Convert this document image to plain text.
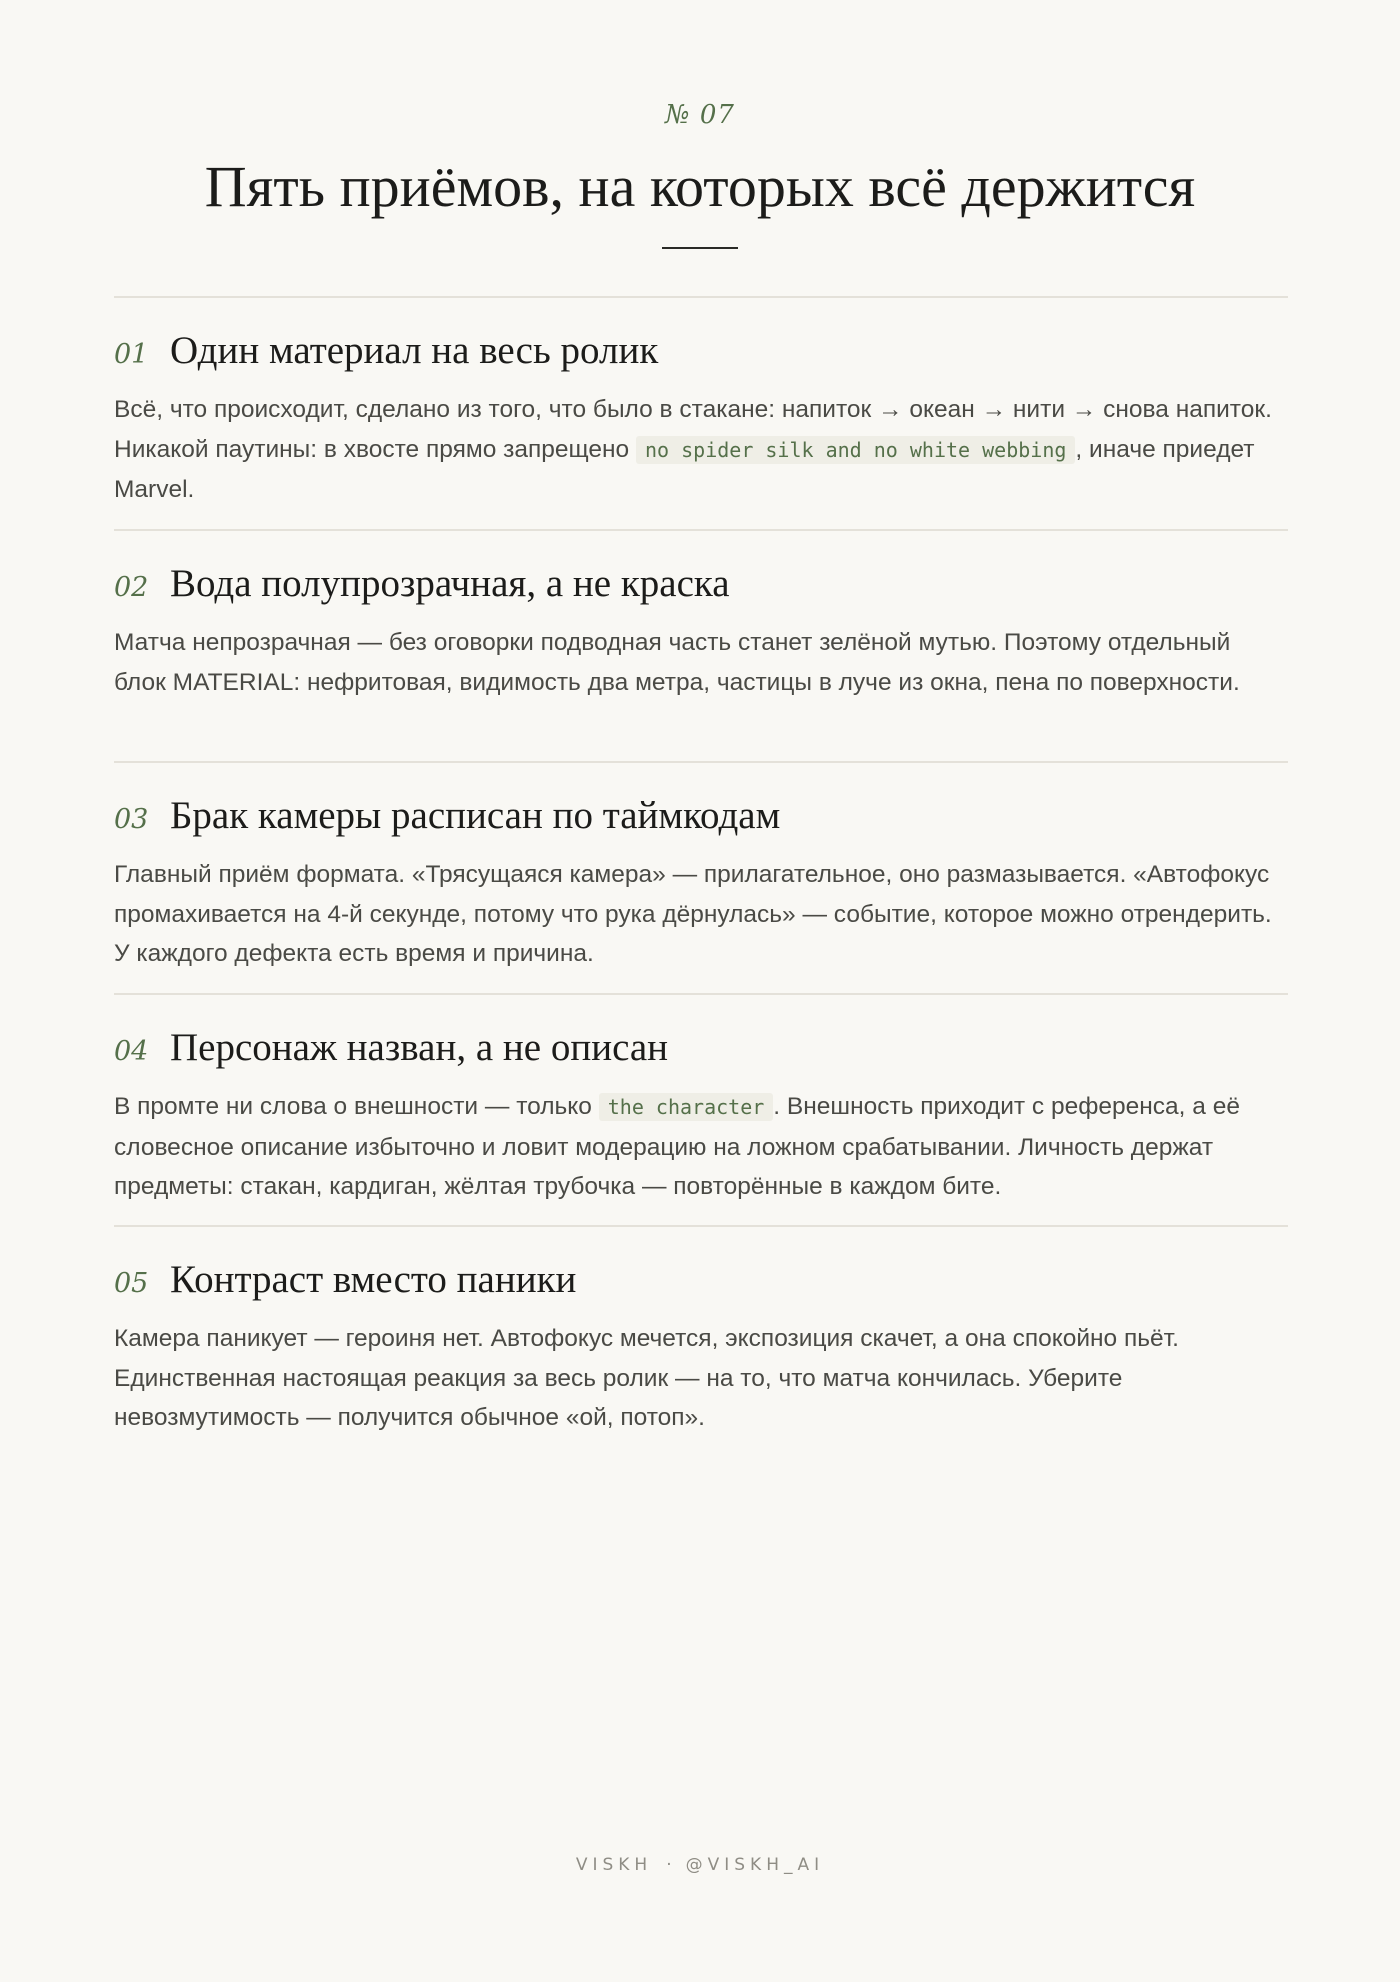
№ 07
Пять приёмов, на которых всё держится
01 Один материал на весь ролик
Всё, что происходит, сделано из того, что было в стакане: напиток → океан → нити → снова напиток. Никакой паутины: в хвосте прямо запрещено no spider silk and no white webbing , иначе приедет Marvel.
02 Вода полупрозрачная, а не краска
Матча непрозрачная — без оговорки подводная часть станет зелёной мутью. Поэтому отдельный блок MATERIAL: нефритовая, видимость два метра, частицы в луче из окна, пена по поверхности.
03 Брак камеры расписан по таймкодам
Главный приём формата. «Трясущаяся камера» — прилагательное, оно размазывается. «Автофокус промахивается на 4-й секунде, потому что рука дёрнулась» — событие, которое можно отрендерить. У каждого дефекта есть время и причина.
04 Персонаж назван, а не описан
В промте ни слова о внешности — только the character . Внешность приходит с референса, а её словесное описание избыточно и ловит модерацию на ложном срабатывании. Личность держат предметы: стакан, кардиган, жёлтая трубочка — повторённые в каждом бите.
05 Контраст вместо паники
Камера паникует — героиня нет. Автофокус мечется, экспозиция скачет, а она спокойно пьёт. Единственная настоящая реакция за весь ролик — на то, что матча кончилась. Уберите невозмутимость — получится обычное «ой, потоп».
VISKH · @VISKH_AI
